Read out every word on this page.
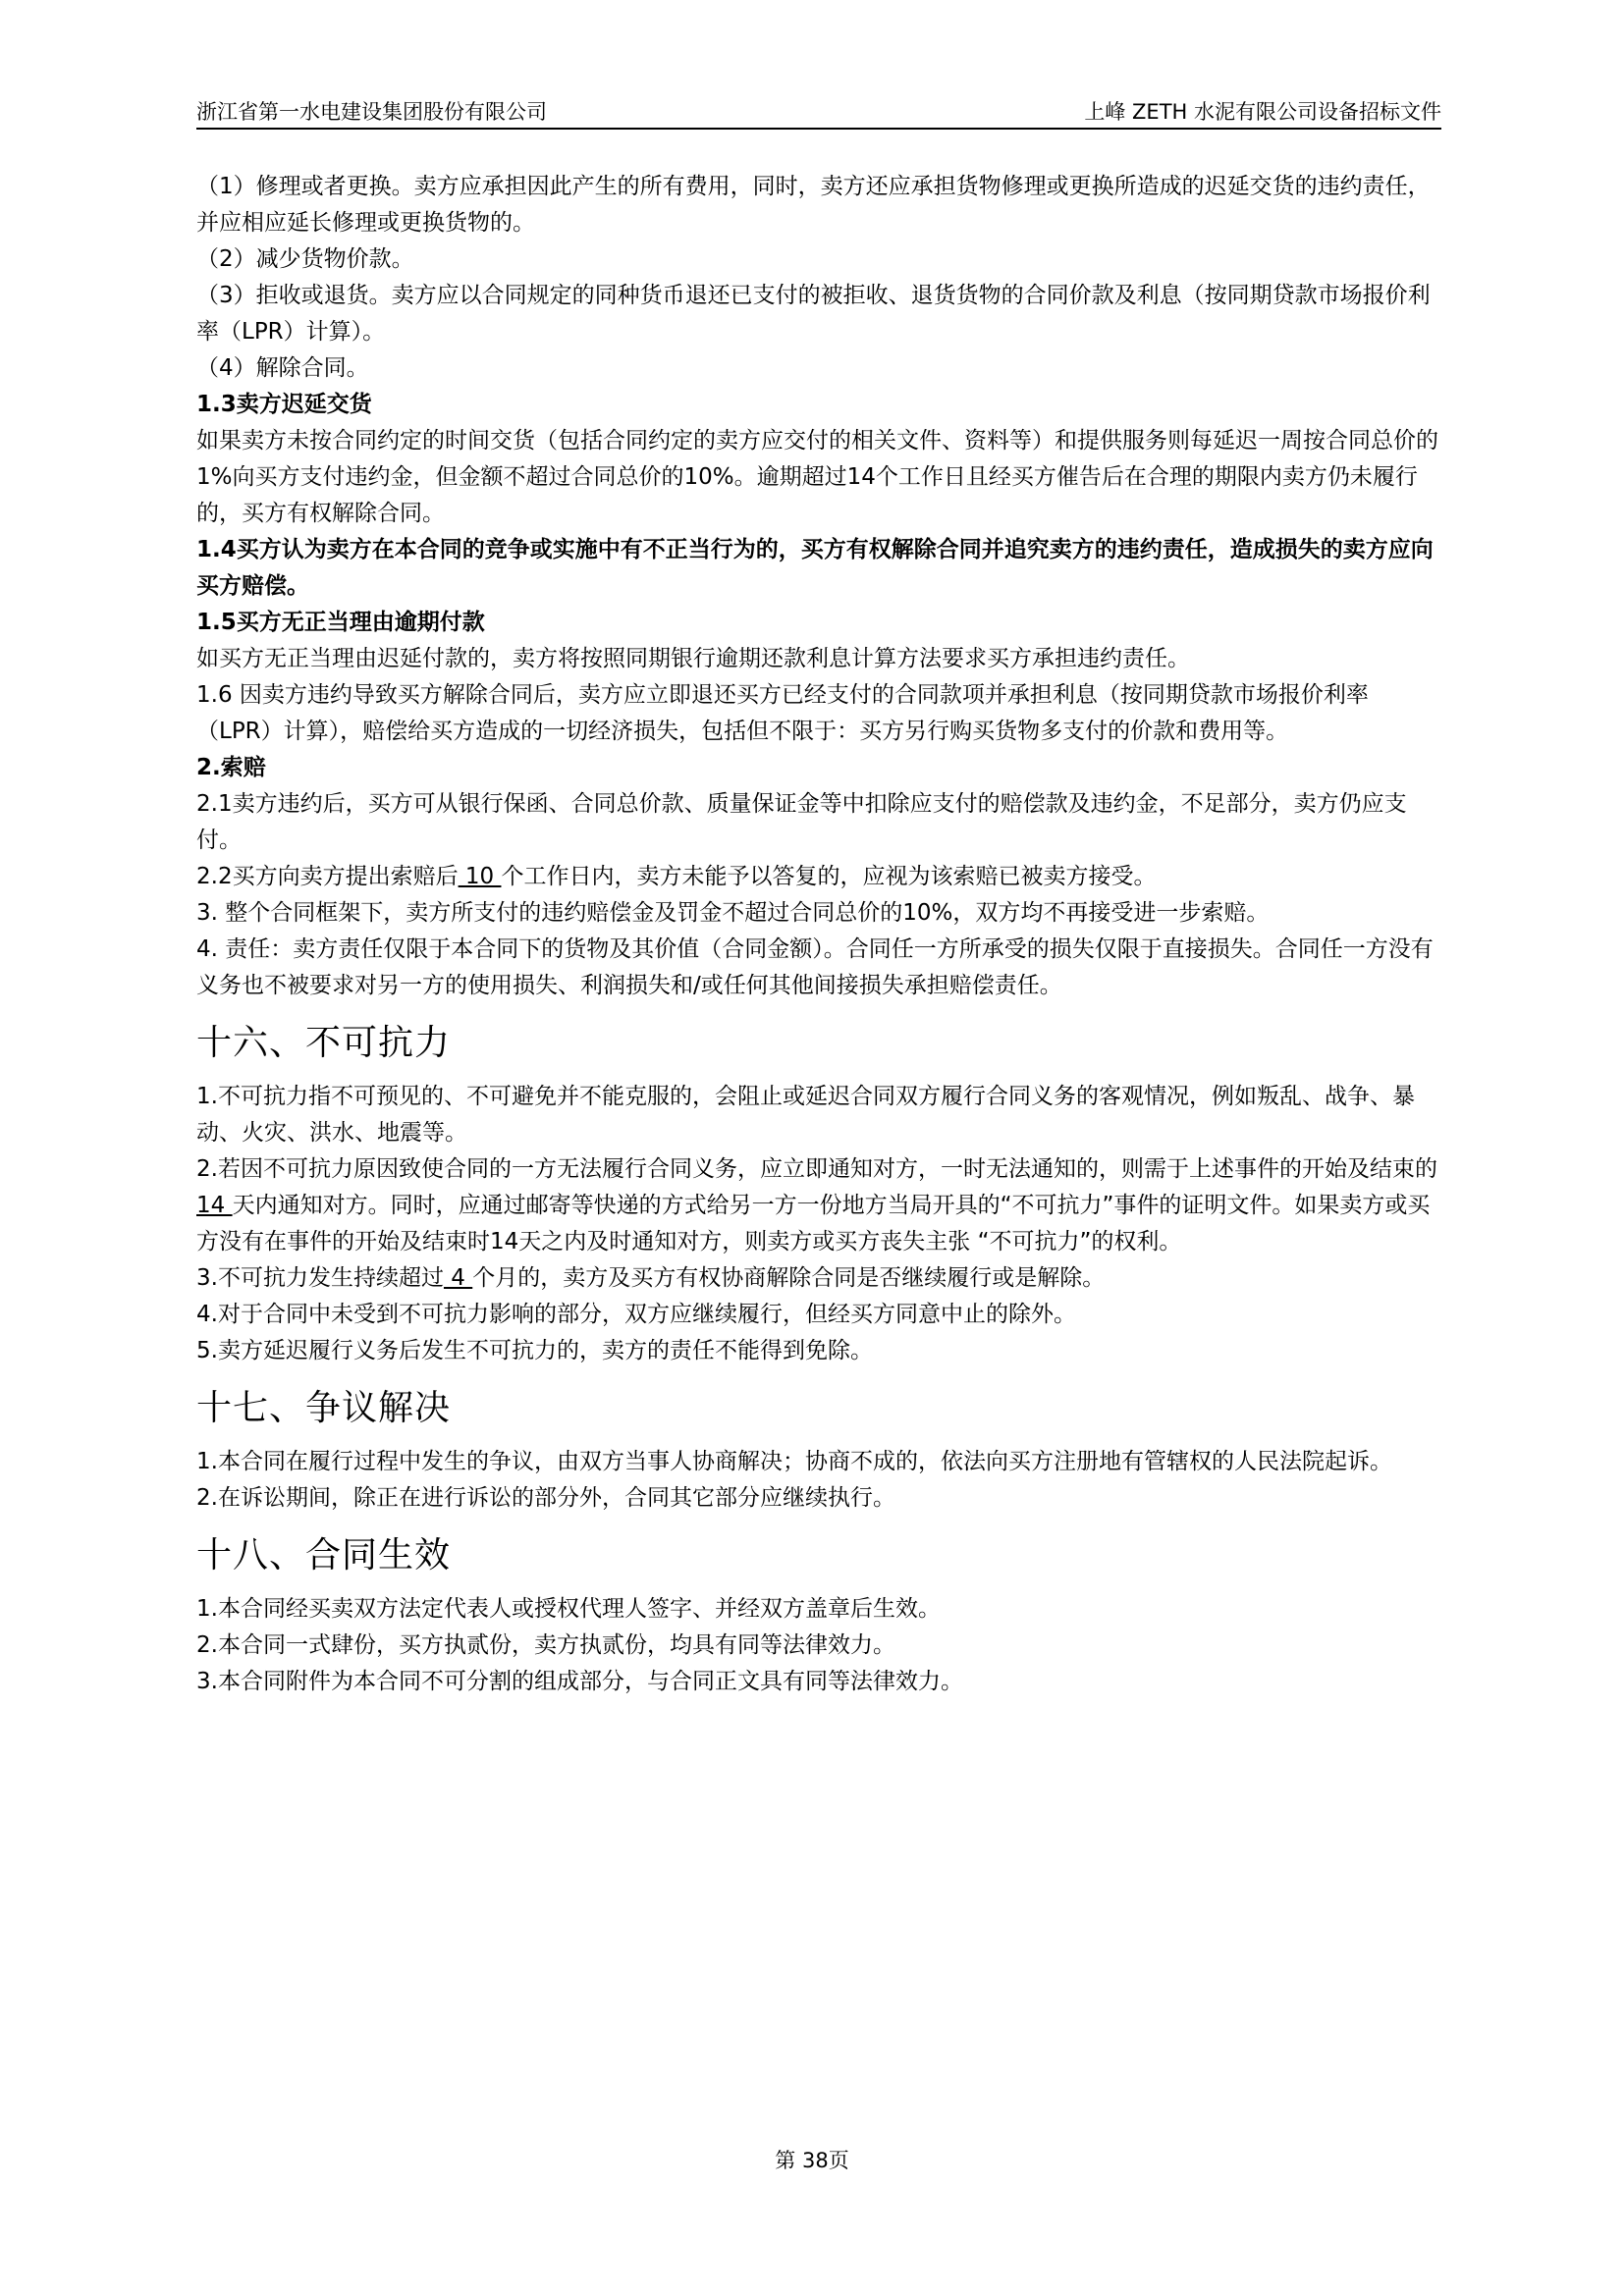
浙江省第一水电建设集团股份有限公司	上峰 ZETH 水泥有限公司设备招标文件

（1）修理或者更换。卖方应承担因此产生的所有费用，同时，卖方还应承担货物修理或更换所造成的迟延交货的违约责任，并应相应延长修理或更换货物的。

（2）减少货物价款。

（3）拒收或退货。卖方应以合同规定的同种货币退还已支付的被拒收、退货货物的合同价款及利息（按同期贷款市场报价利率（LPR）计算）。

（4）解除合同。

1.3卖方迟延交货

如果卖方未按合同约定的时间交货（包括合同约定的卖方应交付的相关文件、资料等）和提供服务则每延迟一周按合同总价的1%向买方支付违约金，但金额不超过合同总价的10%。逾期超过14个工作日且经买方催告后在合理的期限内卖方仍未履行的，买方有权解除合同。

1.4买方认为卖方在本合同的竞争或实施中有不正当行为的，买方有权解除合同并追究卖方的违约责任，造成损失的卖方应向买方赔偿。

1.5买方无正当理由逾期付款

如买方无正当理由迟延付款的，卖方将按照同期银行逾期还款利息计算方法要求买方承担违约责任。

1.6 因卖方违约导致买方解除合同后，卖方应立即退还买方已经支付的合同款项并承担利息（按同期贷款市场报价利率（LPR）计算），赔偿给买方造成的一切经济损失，包括但不限于：买方另行购买货物多支付的价款和费用等。

2.索赔

2.1卖方违约后，买方可从银行保函、合同总价款、质量保证金等中扣除应支付的赔偿款及违约金，不足部分，卖方仍应支付。

2.2买方向卖方提出索赔后 10 个工作日内，卖方未能予以答复的，应视为该索赔已被卖方接受。

3. 整个合同框架下，卖方所支付的违约赔偿金及罚金不超过合同总价的10%，双方均不再接受进一步索赔。

4. 责任：卖方责任仅限于本合同下的货物及其价值（合同金额）。合同任一方所承受的损失仅限于直接损失。合同任一方没有义务也不被要求对另一方的使用损失、利润损失和/或任何其他间接损失承担赔偿责任。

十六、不可抗力

1.不可抗力指不可预见的、不可避免并不能克服的，会阻止或延迟合同双方履行合同义务的客观情况，例如叛乱、战争、暴动、火灾、洪水、地震等。

2.若因不可抗力原因致使合同的一方无法履行合同义务，应立即通知对方，一时无法通知的，则需于上述事件的开始及结束的 14 天内通知对方。同时，应通过邮寄等快递的方式给另一方一份地方当局开具的“不可抗力”事件的证明文件。如果卖方或买方没有在事件的开始及结束时14天之内及时通知对方，则卖方或买方丧失主张 “不可抗力”的权利。

3.不可抗力发生持续超过 4 个月的，卖方及买方有权协商解除合同是否继续履行或是解除。

4.对于合同中未受到不可抗力影响的部分，双方应继续履行，但经买方同意中止的除外。

5.卖方延迟履行义务后发生不可抗力的，卖方的责任不能得到免除。

十七、争议解决

1.本合同在履行过程中发生的争议，由双方当事人协商解决；协商不成的，依法向买方注册地有管辖权的人民法院起诉。

2.在诉讼期间，除正在进行诉讼的部分外，合同其它部分应继续执行。

十八、合同生效

1.本合同经买卖双方法定代表人或授权代理人签字、并经双方盖章后生效。

2.本合同一式肆份，买方执贰份，卖方执贰份，均具有同等法律效力。

3.本合同附件为本合同不可分割的组成部分，与合同正文具有同等法律效力。

第 38页
